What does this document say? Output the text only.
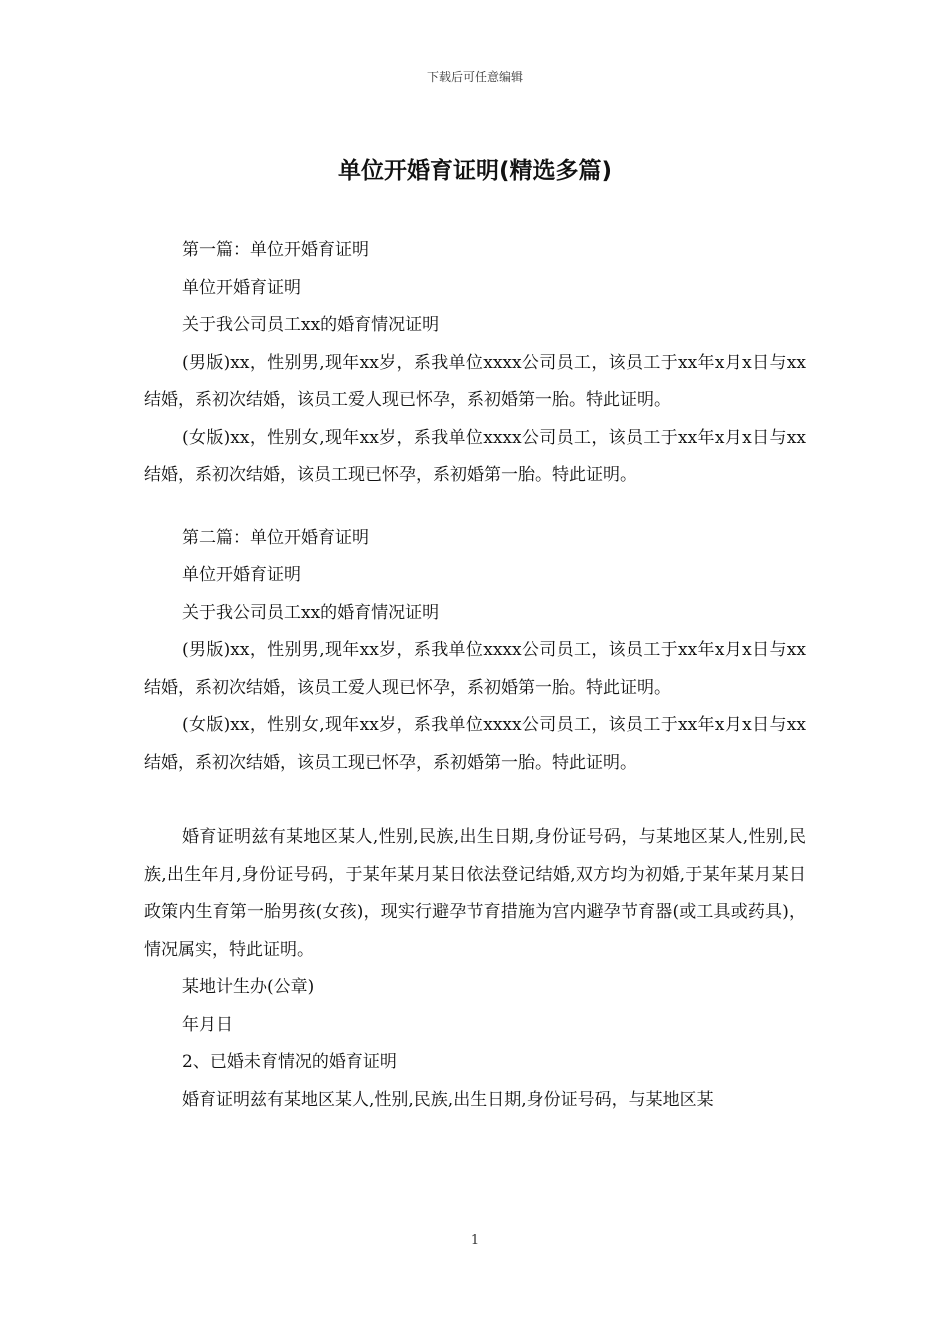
下载后可任意编辑
单位开婚育证明(精选多篇)

第一篇：单位开婚育证明

单位开婚育证明

关于我公司员工xx的婚育情况证明

(男版)xx，性别男,现年xx岁，系我单位xxxx公司员工，该员工于xx年x月x日与xx结婚，系初次结婚，该员工爱人现已怀孕，系初婚第一胎。特此证明。

(女版)xx，性别女,现年xx岁，系我单位xxxx公司员工，该员工于xx年x月x日与xx结婚，系初次结婚，该员工现已怀孕，系初婚第一胎。特此证明。

第二篇：单位开婚育证明

单位开婚育证明

关于我公司员工xx的婚育情况证明

(男版)xx，性别男,现年xx岁，系我单位xxxx公司员工，该员工于xx年x月x日与xx结婚，系初次结婚，该员工爱人现已怀孕，系初婚第一胎。特此证明。

(女版)xx，性别女,现年xx岁，系我单位xxxx公司员工，该员工于xx年x月x日与xx结婚，系初次结婚，该员工现已怀孕，系初婚第一胎。特此证明。

婚育证明兹有某地区某人,性别,民族,出生日期,身份证号码，与某地区某人,性别,民族,出生年月,身份证号码，于某年某月某日依法登记结婚,双方均为初婚,于某年某月某日政策内生育第一胎男孩(女孩)，现实行避孕节育措施为宫内避孕节育器(或工具或药具)，情况属实，特此证明。

某地计生办(公章)

年月日

2、已婚未育情况的婚育证明

婚育证明兹有某地区某人,性别,民族,出生日期,身份证号码，与某地区某

1
